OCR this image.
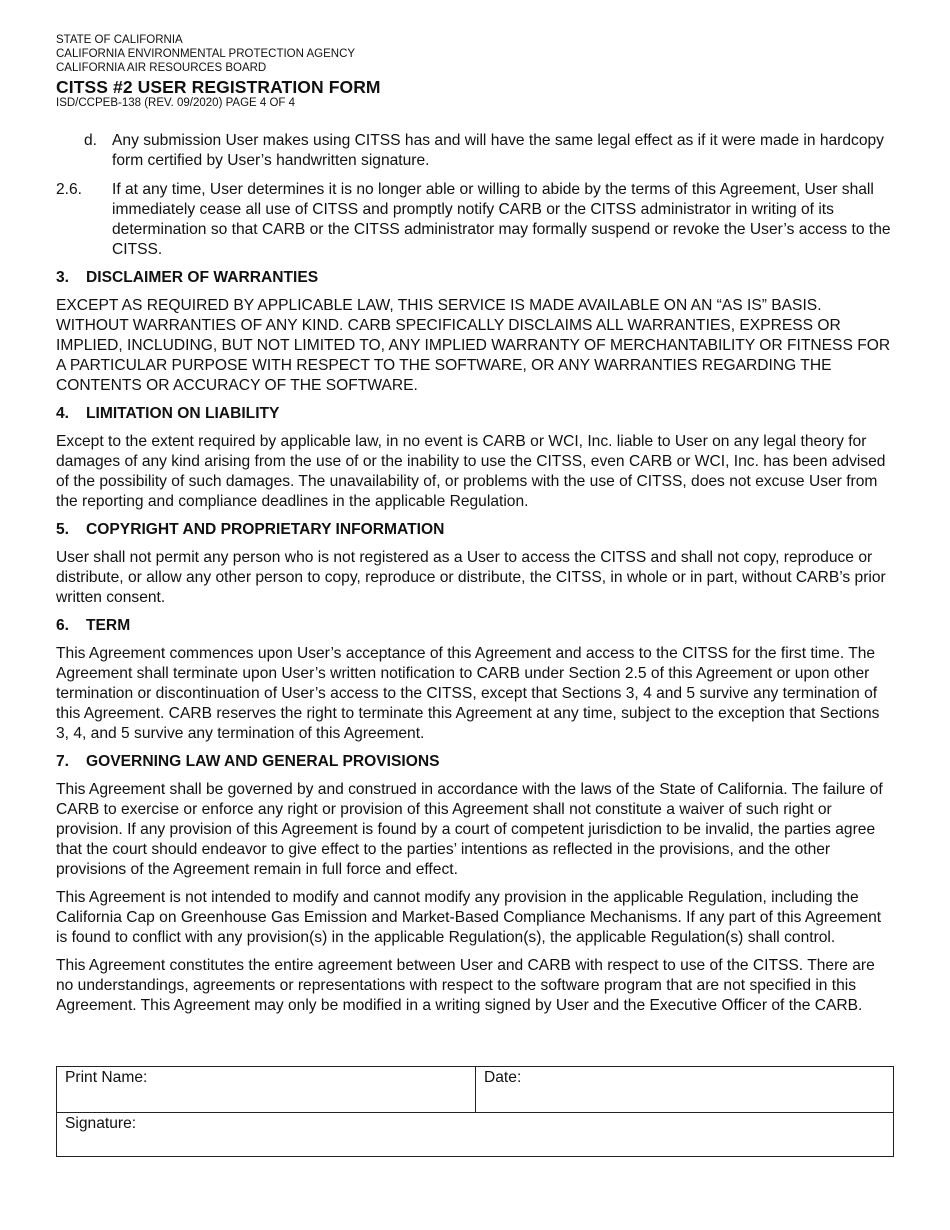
STATE OF CALIFORNIA
CALIFORNIA ENVIRONMENTAL PROTECTION AGENCY
CALIFORNIA AIR RESOURCES BOARD
CITSS #2 USER REGISTRATION FORM
ISD/CCPEB-138 (REV. 09/2020) PAGE 4 OF 4
d. Any submission User makes using CITSS has and will have the same legal effect as if it were made in hardcopy form certified by User’s handwritten signature.
2.6. If at any time, User determines it is no longer able or willing to abide by the terms of this Agreement, User shall immediately cease all use of CITSS and promptly notify CARB or the CITSS administrator in writing of its determination so that CARB or the CITSS administrator may formally suspend or revoke the User’s access to the CITSS.
3. DISCLAIMER OF WARRANTIES
EXCEPT AS REQUIRED BY APPLICABLE LAW, THIS SERVICE IS MADE AVAILABLE ON AN “AS IS” BASIS. WITHOUT WARRANTIES OF ANY KIND. CARB SPECIFICALLY DISCLAIMS ALL WARRANTIES, EXPRESS OR IMPLIED, INCLUDING, BUT NOT LIMITED TO, ANY IMPLIED WARRANTY OF MERCHANTABILITY OR FITNESS FOR A PARTICULAR PURPOSE WITH RESPECT TO THE SOFTWARE, OR ANY WARRANTIES REGARDING THE CONTENTS OR ACCURACY OF THE SOFTWARE.
4. LIMITATION ON LIABILITY
Except to the extent required by applicable law, in no event is CARB or WCI, Inc. liable to User on any legal theory for damages of any kind arising from the use of or the inability to use the CITSS, even CARB or WCI, Inc. has been advised of the possibility of such damages. The unavailability of, or problems with the use of CITSS, does not excuse User from the reporting and compliance deadlines in the applicable Regulation.
5. COPYRIGHT AND PROPRIETARY INFORMATION
User shall not permit any person who is not registered as a User to access the CITSS and shall not copy, reproduce or distribute, or allow any other person to copy, reproduce or distribute, the CITSS, in whole or in part, without CARB’s prior written consent.
6. TERM
This Agreement commences upon User’s acceptance of this Agreement and access to the CITSS for the first time. The Agreement shall terminate upon User’s written notification to CARB under Section 2.5 of this Agreement or upon other termination or discontinuation of User’s access to the CITSS, except that Sections 3, 4 and 5 survive any termination of this Agreement. CARB reserves the right to terminate this Agreement at any time, subject to the exception that Sections 3, 4, and 5 survive any termination of this Agreement.
7. GOVERNING LAW AND GENERAL PROVISIONS
This Agreement shall be governed by and construed in accordance with the laws of the State of California. The failure of CARB to exercise or enforce any right or provision of this Agreement shall not constitute a waiver of such right or provision. If any provision of this Agreement is found by a court of competent jurisdiction to be invalid, the parties agree that the court should endeavor to give effect to the parties’ intentions as reflected in the provisions, and the other provisions of the Agreement remain in full force and effect.
This Agreement is not intended to modify and cannot modify any provision in the applicable Regulation, including the California Cap on Greenhouse Gas Emission and Market-Based Compliance Mechanisms. If any part of this Agreement is found to conflict with any provision(s) in the applicable Regulation(s), the applicable Regulation(s) shall control.
This Agreement constitutes the entire agreement between User and CARB with respect to use of the CITSS. There are no understandings, agreements or representations with respect to the software program that are not specified in this Agreement. This Agreement may only be modified in a writing signed by User and the Executive Officer of the CARB.
Print Name:	Date:
Signature:
